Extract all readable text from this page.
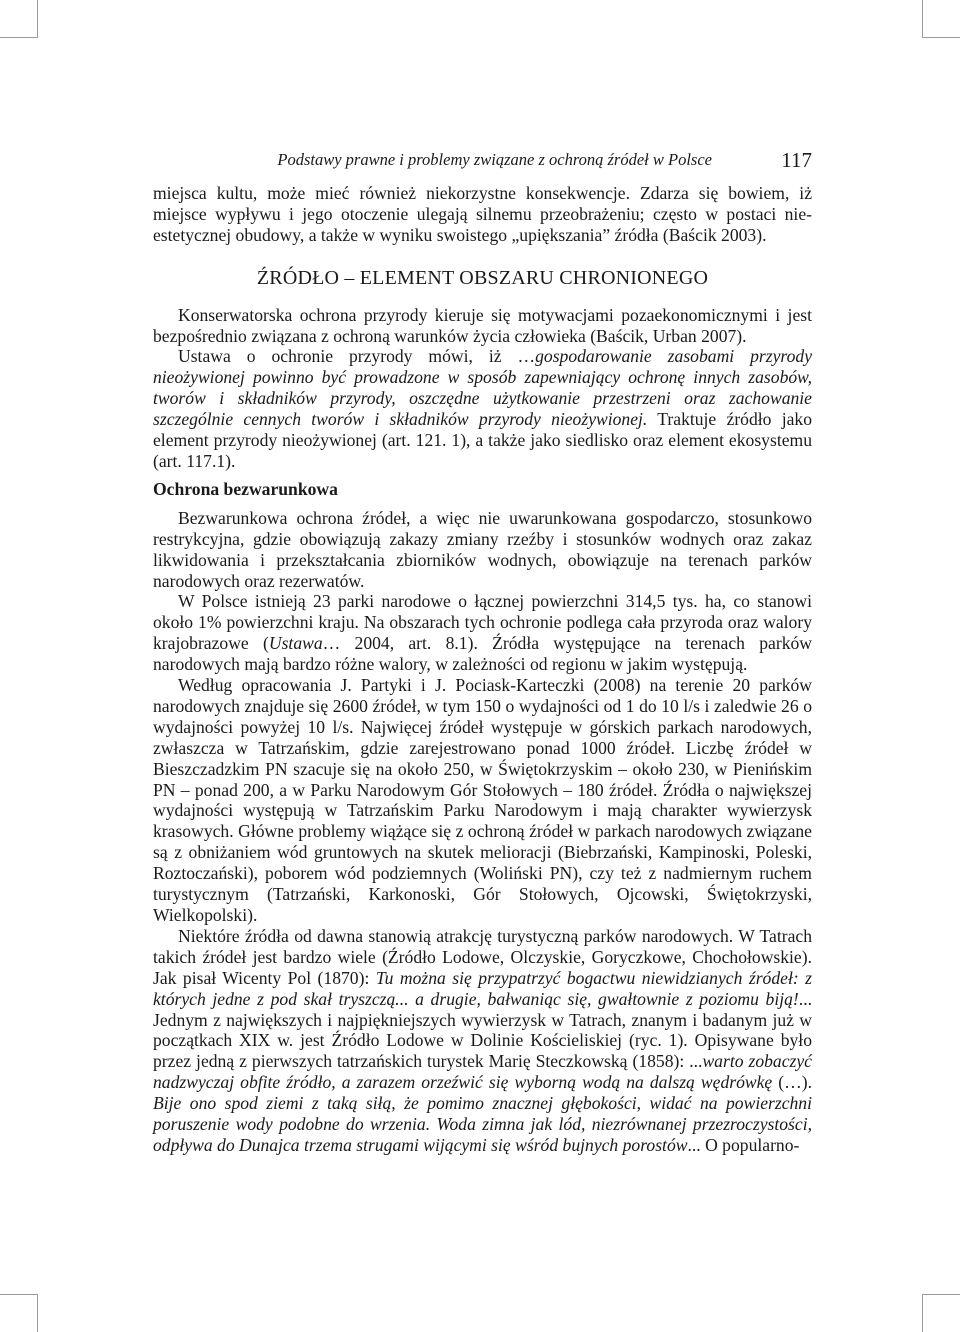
Podstawy prawne i problemy związane z ochroną źródeł w Polsce	117

miejsca kultu, może mieć również niekorzystne konsekwencje. Zdarza się bowiem, iż miejsce wypływu i jego otoczenie ulegają silnemu przeobrażeniu; często w postaci nieestetycznej obudowy, a także w wyniku swoistego „upiększania” źródła (Baścik 2003).

ŹRÓDŁO – ELEMENT OBSZARU CHRONIONEGO

Konserwatorska ochrona przyrody kieruje się motywacjami pozaekonomicznymi i jest bezpośrednio związana z ochroną warunków życia człowieka (Baścik, Urban 2007).

Ustawa o ochronie przyrody mówi, iż …gospodarowanie zasobami przyrody nieożywionej powinno być prowadzone w sposób zapewniający ochronę innych zasobów, tworów i składników przyrody, oszczędne użytkowanie przestrzeni oraz zachowanie szczególnie cennych tworów i składników przyrody nieożywionej. Traktuje źródło jako element przyrody nieożywionej (art. 121. 1), a także jako siedlisko oraz element ekosystemu (art. 117.1).

Ochrona bezwarunkowa

Bezwarunkowa ochrona źródeł, a więc nie uwarunkowana gospodarczo, stosunkowo restrykcyjna, gdzie obowiązują zakazy zmiany rzeźby i stosunków wodnych oraz zakaz likwidowania i przekształcania zbiorników wodnych, obowiązuje na terenach parków narodowych oraz rezerwatów.

W Polsce istnieją 23 parki narodowe o łącznej powierzchni 314,5 tys. ha, co stanowi około 1% powierzchni kraju. Na obszarach tych ochronie podlega cała przyroda oraz walory krajobrazowe (Ustawa… 2004, art. 8.1). Źródła występujące na terenach parków narodowych mają bardzo różne walory, w zależności od regionu w jakim występują.

Według opracowania J. Partyki i J. Pociask-Karteczki (2008) na terenie 20 parków narodowych znajduje się 2600 źródeł, w tym 150 o wydajności od 1 do 10 l/s i zaledwie 26 o wydajności powyżej 10 l/s. Najwięcej źródeł występuje w górskich parkach narodowych, zwłaszcza w Tatrzańskim, gdzie zarejestrowano ponad 1000 źródeł. Liczbę źródeł w Bieszczadzkim PN szacuje się na około 250, w Świętokrzyskim – około 230, w Pienińskim PN – ponad 200, a w Parku Narodowym Gór Stołowych – 180 źródeł. Źródła o największej wydajności występują w Tatrzańskim Parku Narodowym i mają charakter wywierzysk krasowych. Główne problemy wiążące się z ochroną źródeł w parkach narodowych związane są z obniżaniem wód gruntowych na skutek melioracji (Biebrzański, Kampinoski, Poleski, Roztoczański), poborem wód podziemnych (Woliński PN), czy też z nadmiernym ruchem turystycznym (Tatrzański, Karkonoski, Gór Stołowych, Ojcowski, Świętokrzyski, Wielkopolski).

Niektóre źródła od dawna stanowią atrakcję turystyczną parków narodowych. W Tatrach takich źródeł jest bardzo wiele (Źródło Lodowe, Olczyskie, Goryczkowe, Chochołowskie). Jak pisał Wicenty Pol (1870): Tu można się przypatrzyć bogactwu niewidzianych źródeł: z których jedne z pod skał tryszczą... a drugie, bałwaniąc się, gwałtownie z poziomu biją!... Jednym z największych i najpiękniejszych wywierzysk w Tatrach, znanym i badanym już w początkach XIX w. jest Źródło Lodowe w Dolinie Kościeliskiej (ryc. 1). Opisywane było przez jedną z pierwszych tatrzańskich turystek Marię Steczkowską (1858): ...warto zobaczyć nadzwyczaj obfite źródło, a zarazem orzeźwić się wyborną wodą na dalszą wędrówkę (…). Bije ono spod ziemi z taką siłą, że pomimo znacznej głębokości, widać na powierzchni poruszenie wody podobne do wrzenia. Woda zimna jak lód, niezrównanej przezroczystości, odpływa do Dunajca trzema strugami wijącymi się wśród bujnych porostów... O popularno-
